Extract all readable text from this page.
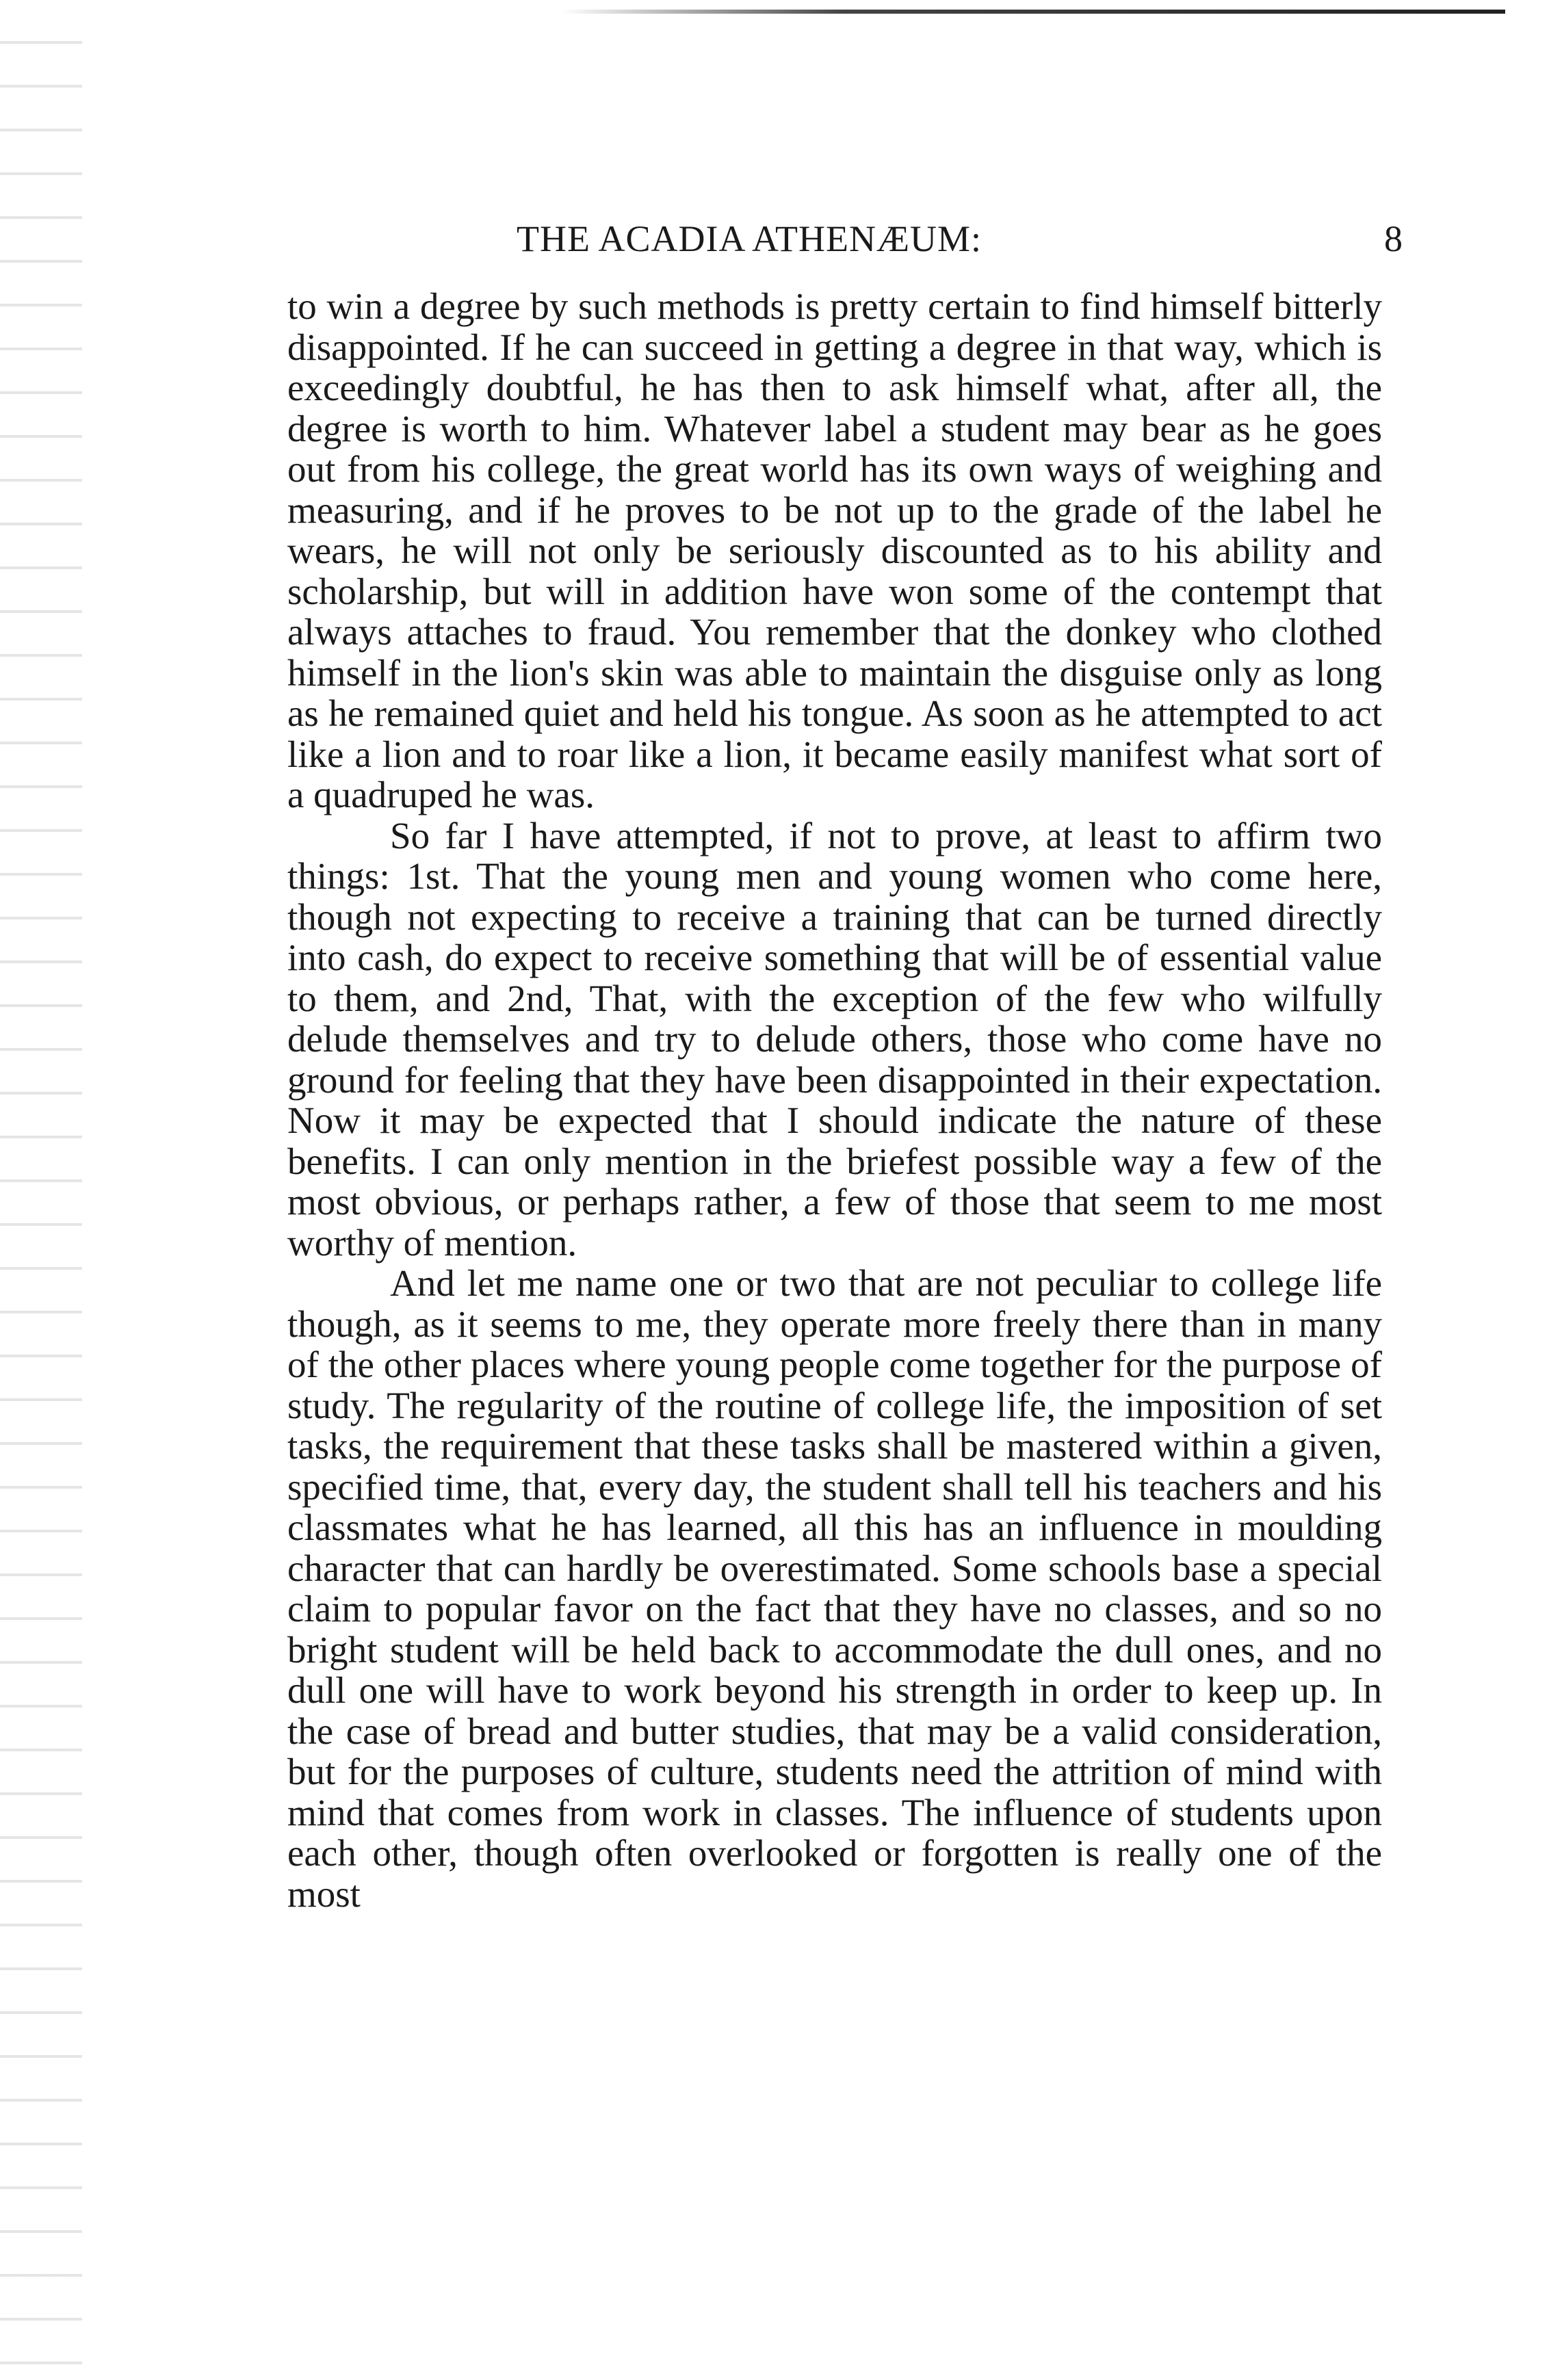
THE ACADIA ATHENÆUM:	8

to win a degree by such methods is pretty certain to find himself bitterly disappointed. If he can succeed in getting a degree in that way, which is exceedingly doubtful, he has then to ask himself what, after all, the degree is worth to him. Whatever label a student may bear as he goes out from his college, the great world has its own ways of weighing and measuring, and if he proves to be not up to the grade of the label he wears, he will not only be seriously discounted as to his ability and scholarship, but will in addition have won some of the contempt that always attaches to fraud. You remember that the donkey who clothed himself in the lion's skin was able to maintain the disguise only as long as he remained quiet and held his tongue. As soon as he attempted to act like a lion and to roar like a lion, it became easily manifest what sort of a quadruped he was.

So far I have attempted, if not to prove, at least to affirm two things: 1st. That the young men and young women who come here, though not expecting to receive a training that can be turned directly into cash, do expect to receive something that will be of essential value to them, and 2nd, That, with the exception of the few who wilfully delude themselves and try to delude others, those who come have no ground for feeling that they have been disappointed in their expectation. Now it may be expected that I should indicate the nature of these benefits. I can only mention in the briefest possible way a few of the most obvious, or perhaps rather, a few of those that seem to me most worthy of mention.

And let me name one or two that are not peculiar to college life though, as it seems to me, they operate more freely there than in many of the other places where young people come together for the purpose of study. The regularity of the routine of college life, the imposition of set tasks, the requirement that these tasks shall be mastered within a given, specified time, that, every day, the student shall tell his teachers and his classmates what he has learned, all this has an influence in moulding character that can hardly be overestimated. Some schools base a special claim to popular favor on the fact that they have no classes, and so no bright student will be held back to accommodate the dull ones, and no dull one will have to work beyond his strength in order to keep up. In the case of bread and butter studies, that may be a valid consideration, but for the purposes of culture, students need the attrition of mind with mind that comes from work in classes. The influence of students upon each other, though often overlooked or forgotten is really one of the most
